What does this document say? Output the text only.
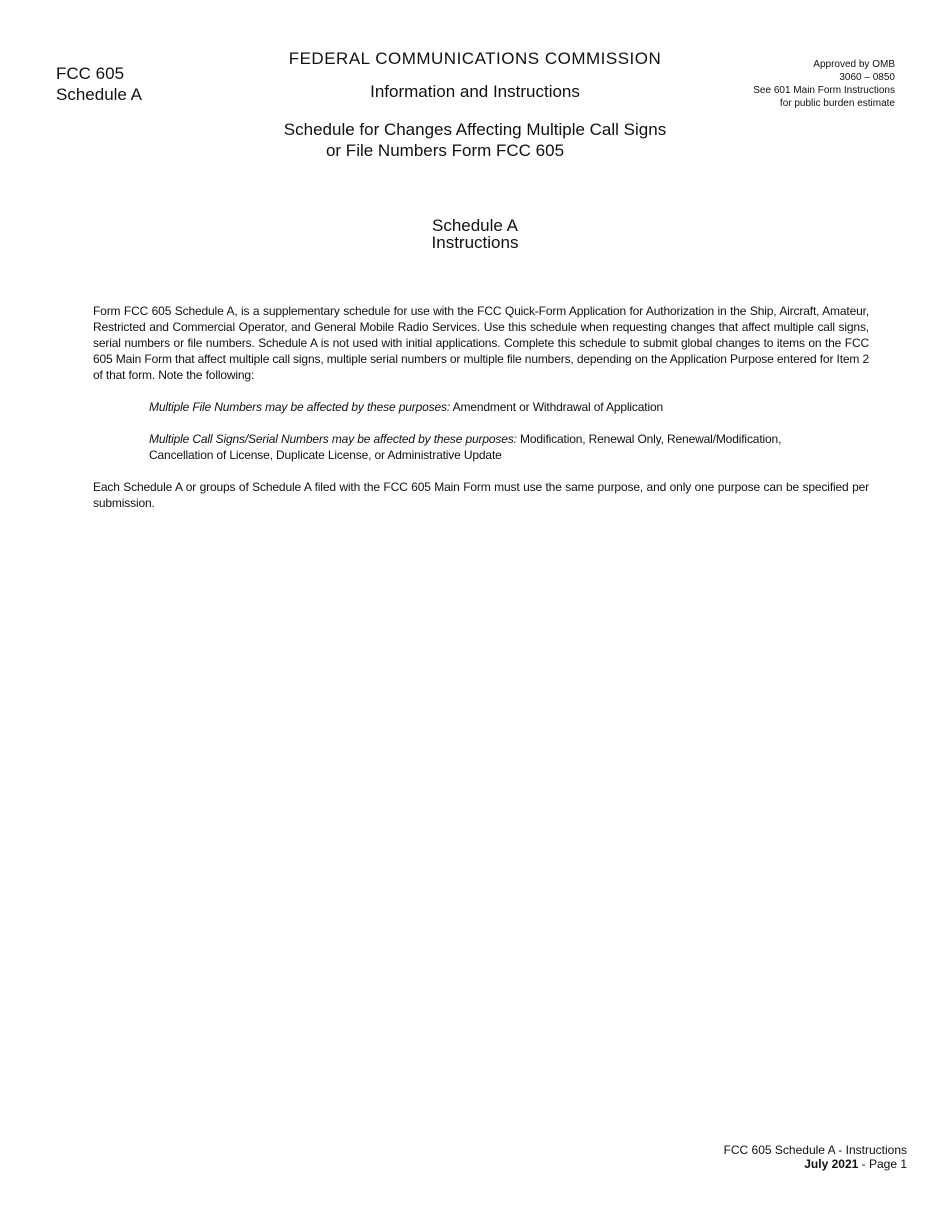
FCC 605
Schedule A
FEDERAL COMMUNICATIONS COMMISSION
Information and Instructions
Schedule for Changes Affecting Multiple Call Signs
or File Numbers Form FCC 605
Approved by OMB
3060 – 0850
See 601 Main Form Instructions
for public burden estimate
Schedule A
Instructions

Form FCC 605 Schedule A, is a supplementary schedule for use with the FCC Quick-Form Application for Authorization in the Ship, Aircraft, Amateur, Restricted and Commercial Operator, and General Mobile Radio Services. Use this schedule when requesting changes that affect multiple call signs, serial numbers or file numbers. Schedule A is not used with initial applications. Complete this schedule to submit global changes to items on the FCC 605 Main Form that affect multiple call signs, multiple serial numbers or multiple file numbers, depending on the Application Purpose entered for Item 2 of that form. Note the following:

Multiple File Numbers may be affected by these purposes: Amendment or Withdrawal of Application

Multiple Call Signs/Serial Numbers may be affected by these purposes: Modification, Renewal Only, Renewal/Modification, Cancellation of License, Duplicate License, or Administrative Update

Each Schedule A or groups of Schedule A filed with the FCC 605 Main Form must use the same purpose, and only one purpose can be specified per submission.

FCC 605 Schedule A - Instructions
July 2021 - Page 1
